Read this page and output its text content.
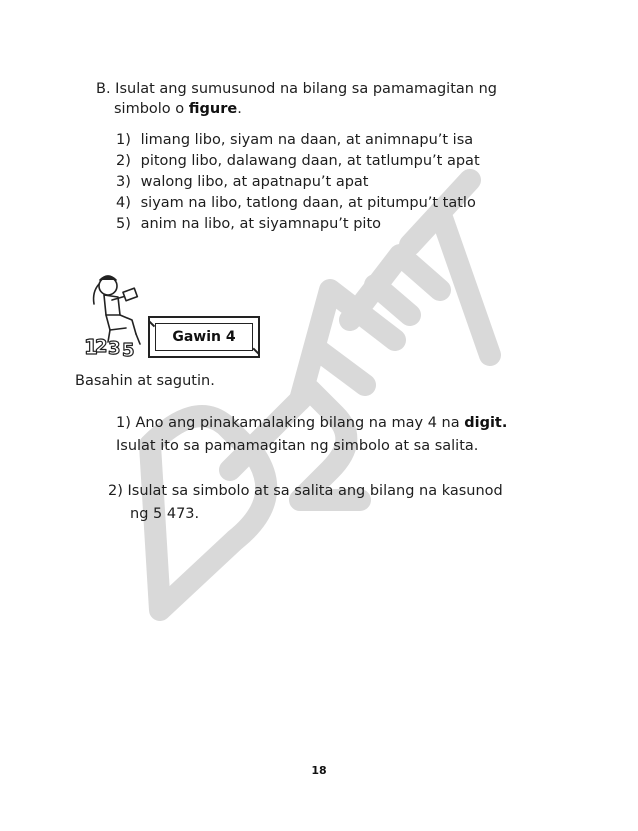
DRAFT
B. Isulat ang sumusunod na bilang sa pamamagitan ng
simbolo o figure.
1) limang libo, siyam na daan, at animnapu’t isa
2) pitong libo, dalawang daan, at tatlumpu’t apat
3) walong libo, at apatnapu’t apat
4) siyam na libo, tatlong daan, at pitumpu’t tatlo
5) anim na libo, at siyamnapu’t pito
1
2 3 5
Gawin 4
Basahin at sagutin.
1) Ano ang pinakamalaking bilang na may 4 na digit.
Isulat ito sa pamamagitan ng simbolo at sa salita.
2) Isulat sa simbolo at sa salita ang bilang na kasunod
ng 5 473.
18
